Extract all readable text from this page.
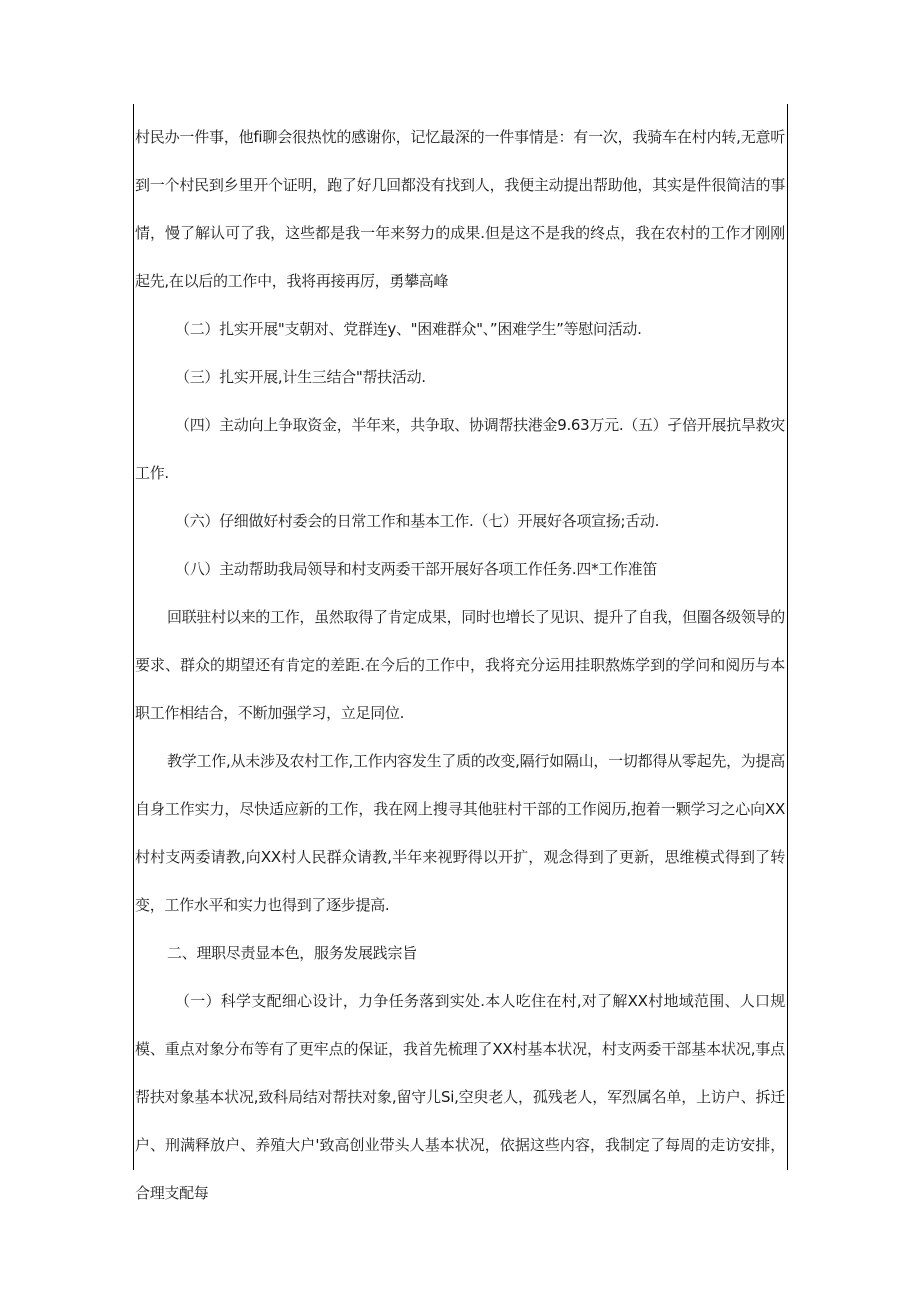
村民办一件事，他fi聊会很热忱的感谢你，记忆最深的一件事情是：有一次，我骑车在村内转,无意听到一个村民到乡里开个证明，跑了好几回都没有找到人，我便主动提出帮助他，其实是件很简洁的事情，慢了解认可了我，这些都是我一年来努力的成果.但是这不是我的终点，我在农村的工作才刚刚起先,在以后的工作中，我将再接再厉，勇攀高峰

（二）扎实开展"支朝对、党群连y、"困难群众"、”困难学生”等慰问活动.

（三）扎实开展,计生三结合"帮扶活动.

（四）主动向上争取资金，半年来，共争取、协调帮扶港金9.63万元.（五）孑倍开展抗旱救灾工作.

（六）仔细做好村委会的日常工作和基本工作.（七）开展好各项宣扬;舌动.

（八）主动帮助我局领导和村支两委干部开展好各项工作任务.四*工作准笛

回联驻村以来的工作，虽然取得了肯定成果，同时也增长了见识、提升了自我，但圈各级领导的要求、群众的期望还有肯定的差距.在今后的工作中，我将充分运用挂职熬炼学到的学问和阅历与本职工作相结合，不断加强学习，立足同位.

教学工作,从未涉及农村工作,工作内容发生了质的改变,隔行如隔山，一切都得从零起先，为提高自身工作实力，尽快适应新的工作，我在网上搜寻其他驻村干部的工作阅历,抱着一颗学习之心向XX村村支两委请教,向XX村人民群众请教,半年来视野得以开扩，观念得到了更新，思维模式得到了转变，工作水平和实力也得到了逐步提高.

二、理职尽责显本色，服务发展践宗旨

（一）科学支配细心设计，力争任务落到实处.本人吃住在村,对了解XX村地域范围、人口规模、重点对象分布等有了更牢点的保证，我首先梳理了XX村基本状况，村支两委干部基本状况,事点帮扶对象基本状况,致科局结对帮扶对象,留守儿Si,空臾老人，孤残老人，军烈属名单，上访户、拆迁户、刑满释放户、养殖大户'致高创业带头人基本状况，依据这些内容，我制定了每周的走访安排，合理支配每
